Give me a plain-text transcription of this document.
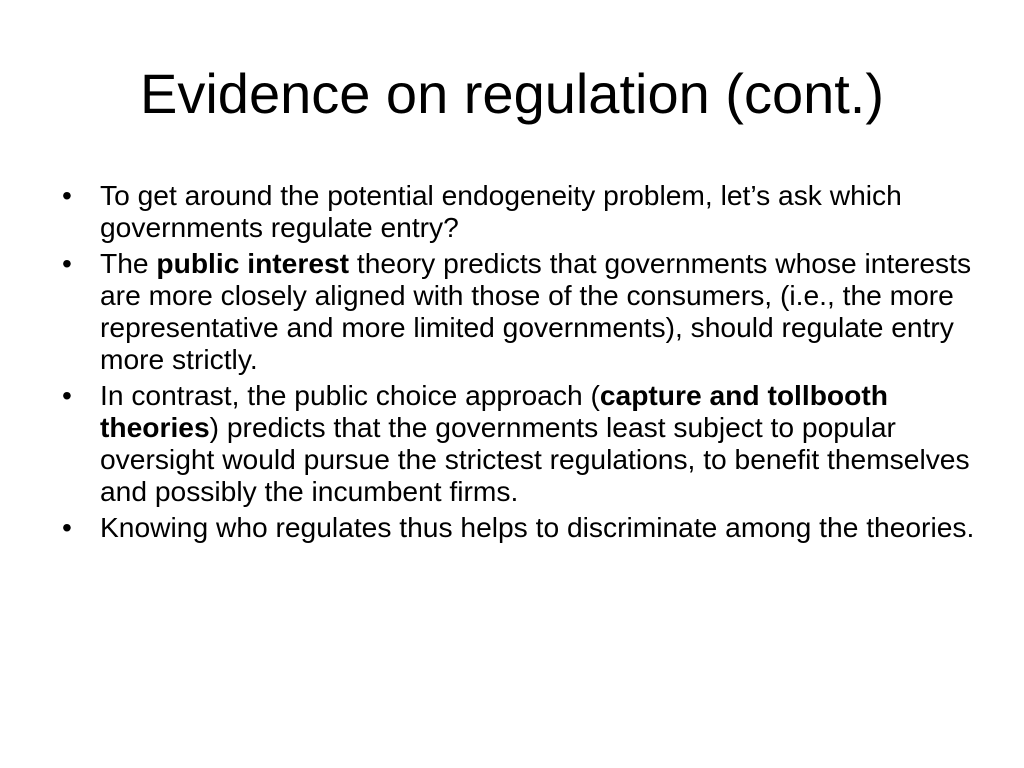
Evidence on regulation (cont.)
• To get around the potential endogeneity problem, let’s ask which governments regulate entry?
• The public interest theory predicts that governments whose interests are more closely aligned with those of the consumers, (i.e., the more representative and more limited governments), should regulate entry more strictly.
• In contrast, the public choice approach (capture and tollbooth theories) predicts that the governments least subject to popular oversight would pursue the strictest regulations, to benefit themselves and possibly the incumbent firms.
• Knowing who regulates thus helps to discriminate among the theories.
